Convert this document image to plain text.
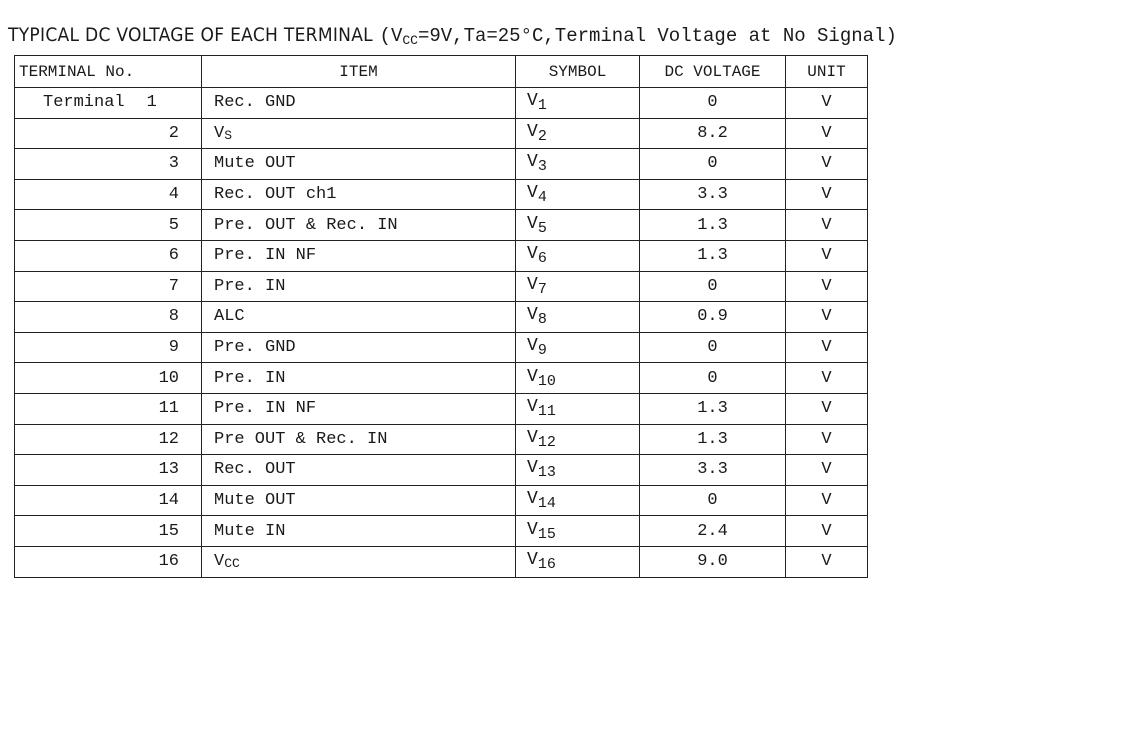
TYPICAL DC VOLTAGE OF EACH TERMINAL ($V_{CC}=9V,Ta=25^\circ C,Terminal$ Voltage at No Signal)
TERMINAL No.	ITEM	SYMBOL	DC VOLTAGE	UNIT
Terminal 1	Rec. GND	V1	0	V
2	VS	V2	8.2	V
3	Mute OUT	V3	0	V
4	Rec. OUT ch1	V4	3.3	V
5	Pre. OUT & Rec. IN	V5	1.3	V
6	Pre. IN NF	V6	1.3	V
7	Pre. IN	V7	0	V
8	ALC	V8	0.9	V
9	Pre. GND	V9	0	V
10	Pre. IN	V10	0	V
11	Pre. IN NF	V11	1.3	V
12	Pre OUT & Rec. IN	V12	1.3	V
13	Rec. OUT	V13	3.3	V
14	Mute OUT	V14	0	V
15	Mute IN	V15	2.4	V
16	VCC	V16	9.0	V
